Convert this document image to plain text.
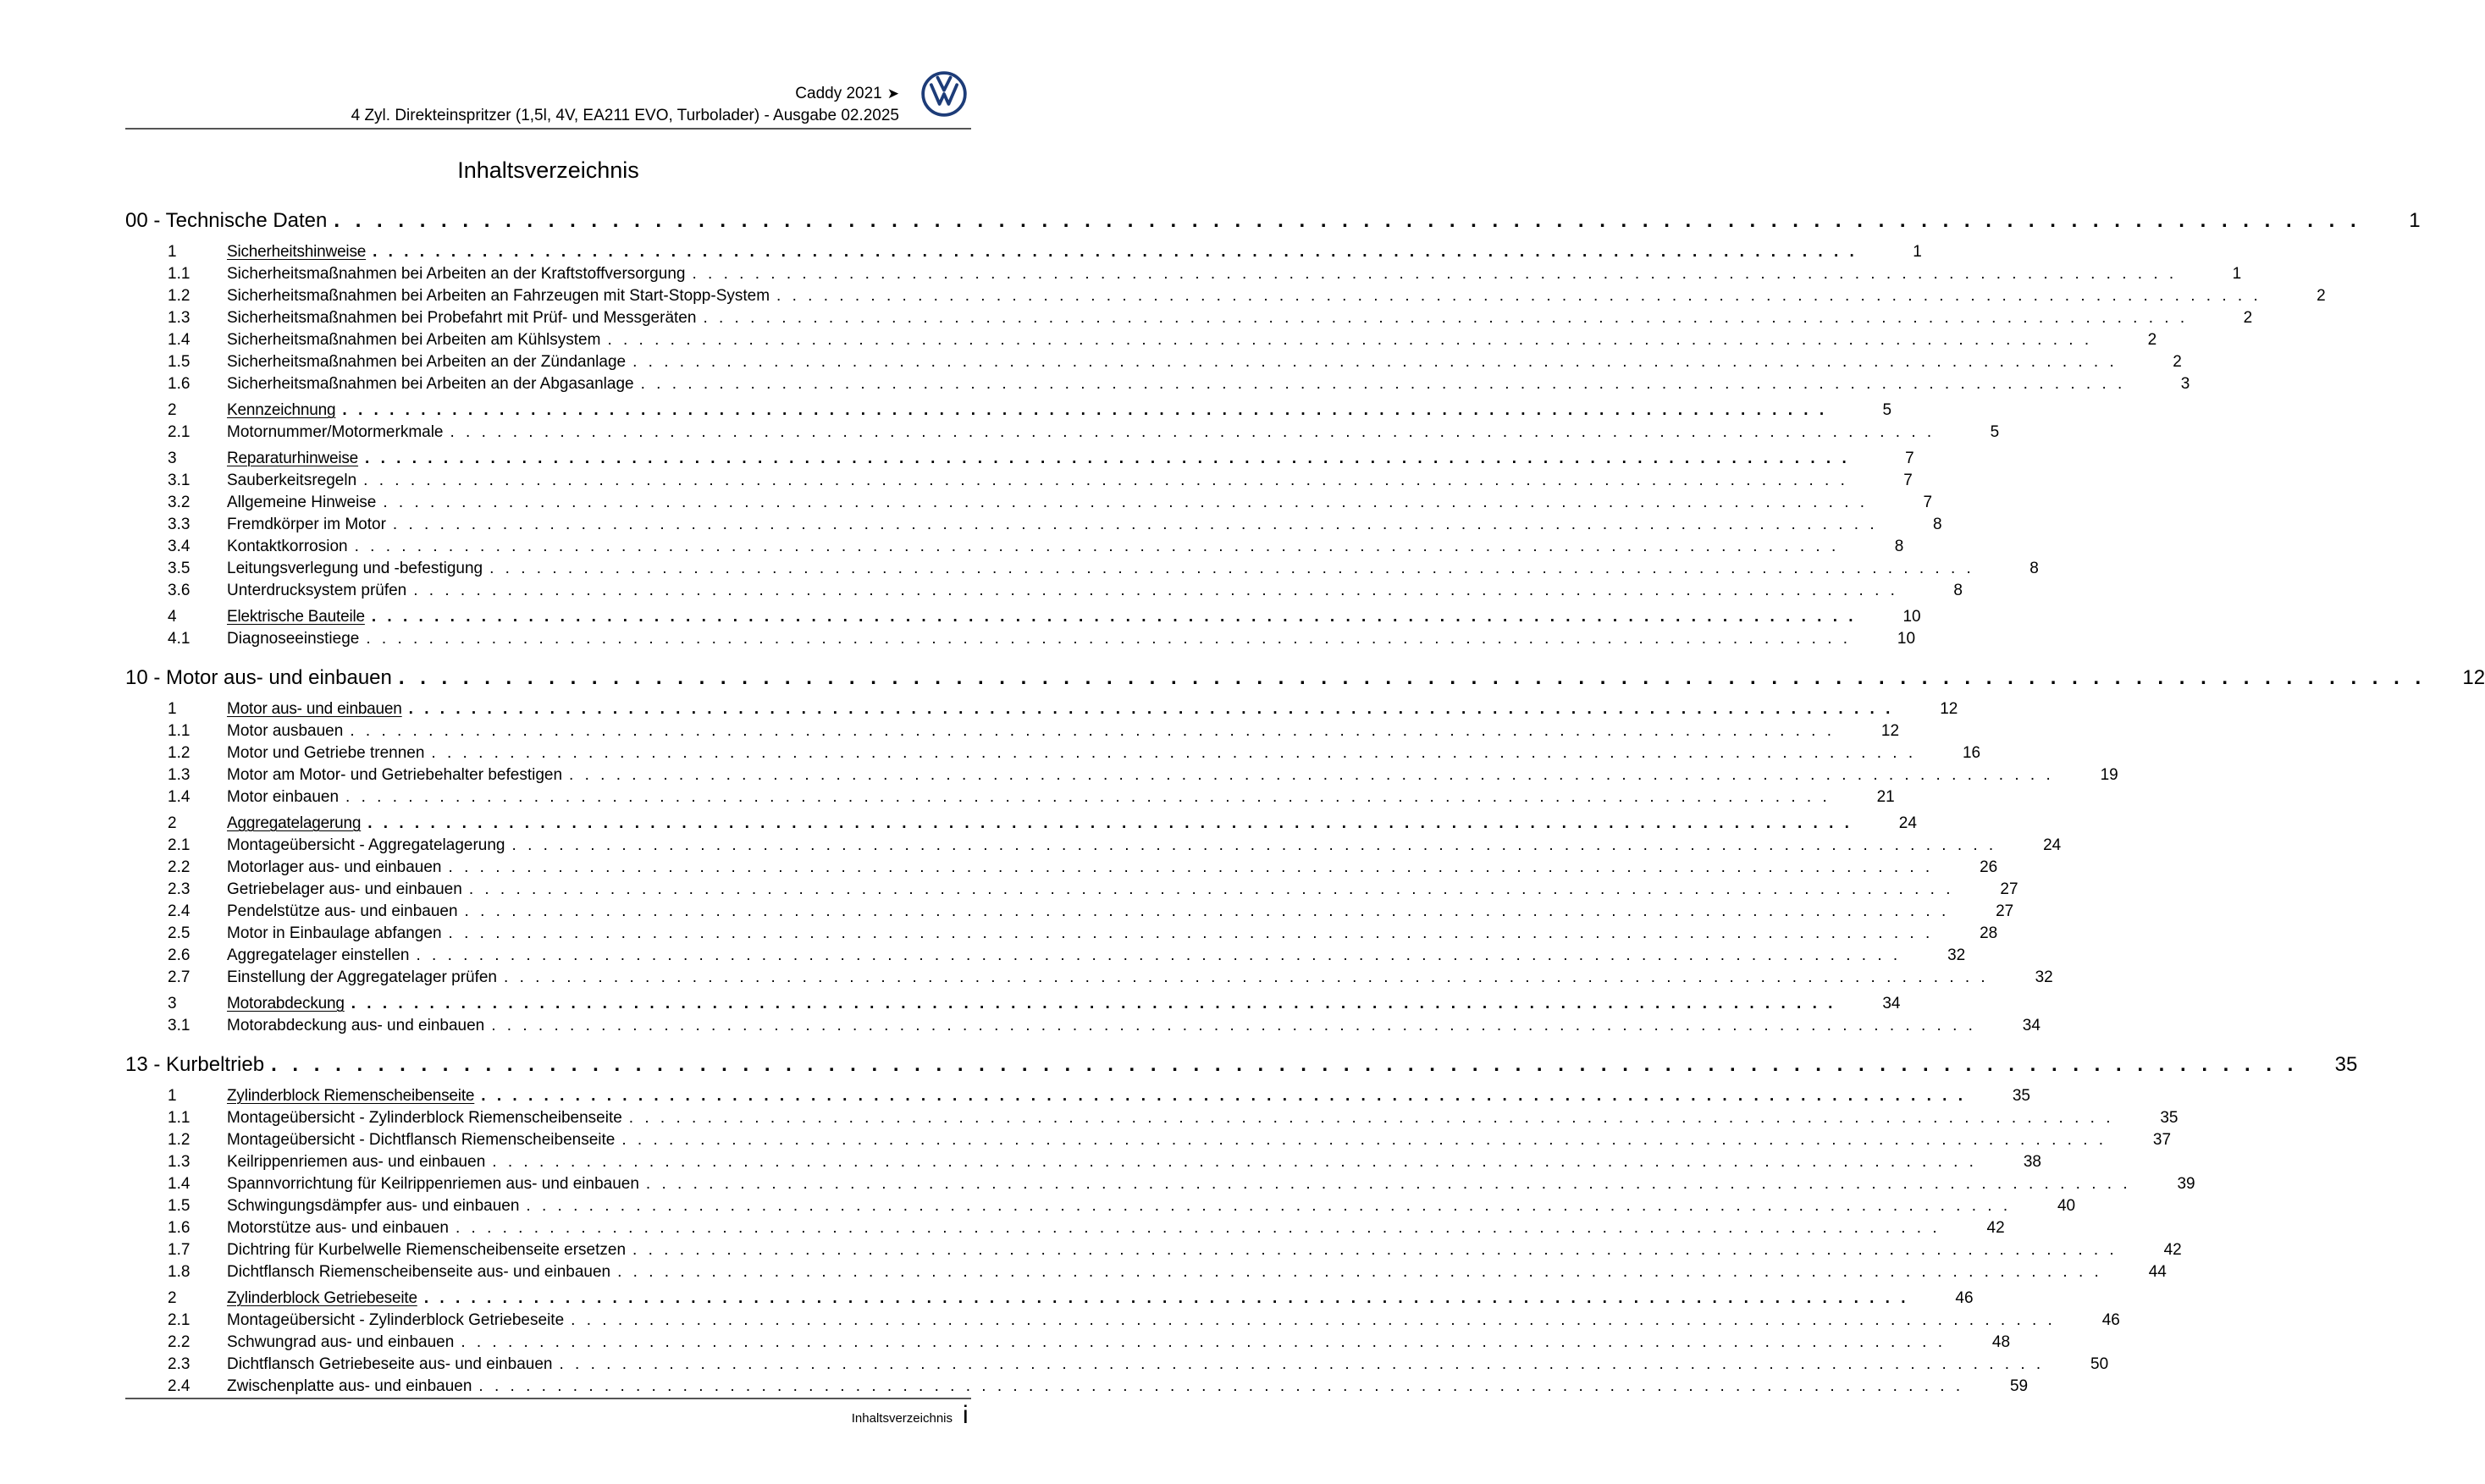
Caddy 2021 ➤
4 Zyl. Direkteinspritzer (1,5l, 4V, EA211 EVO, Turbolader) - Ausgabe 02.2025
Inhaltsverzeichnis
00 - Technische Daten . . . . . . . . . . . . . . . . . . . . . . . . . . . . . . . . . . . . . . . . . . . . . . . . . . . . . . . . . . . . . . . . . . . . . . . . . . . . . . . . . . . . . . . . . . . . . . .	1
1	Sicherheitshinweise . . . . . . . . . . . . . . . . . . . . . . . . . . . . . . . . . . . . . . . . . . . . . . . . . . . . . . . . . . . . . . . . . . . . . . . . . . . . . . . . . . . . . . . . . . . . . . .	1
1.1	Sicherheitsmaßnahmen bei Arbeiten an der Kraftstoffversorgung . . . . . . . . . . . . . . . . . . . . . . . . . . . . . . . . . . . . . . . . . . . . . . . . . . . . . . . . . . . . . . . . . . . . . . . . . . . . . . . . . . . . . . . . . . . . . . .	1
1.2	Sicherheitsmaßnahmen bei Arbeiten an Fahrzeugen mit Start-Stopp-System . . . . . . . . . . . . . . . . . . . . . . . . . . . . . . . . . . . . . . . . . . . . . . . . . . . . . . . . . . . . . . . . . . . . . . . . . . . . . . . . . . . . . . . . . . . . . . .	2
1.3	Sicherheitsmaßnahmen bei Probefahrt mit Prüf- und Messgeräten . . . . . . . . . . . . . . . . . . . . . . . . . . . . . . . . . . . . . . . . . . . . . . . . . . . . . . . . . . . . . . . . . . . . . . . . . . . . . . . . . . . . . . . . . . . . . . .	2
1.4	Sicherheitsmaßnahmen bei Arbeiten am Kühlsystem . . . . . . . . . . . . . . . . . . . . . . . . . . . . . . . . . . . . . . . . . . . . . . . . . . . . . . . . . . . . . . . . . . . . . . . . . . . . . . . . . . . . . . . . . . . . . . .	2
1.5	Sicherheitsmaßnahmen bei Arbeiten an der Zündanlage . . . . . . . . . . . . . . . . . . . . . . . . . . . . . . . . . . . . . . . . . . . . . . . . . . . . . . . . . . . . . . . . . . . . . . . . . . . . . . . . . . . . . . . . . . . . . . .	2
1.6	Sicherheitsmaßnahmen bei Arbeiten an der Abgasanlage . . . . . . . . . . . . . . . . . . . . . . . . . . . . . . . . . . . . . . . . . . . . . . . . . . . . . . . . . . . . . . . . . . . . . . . . . . . . . . . . . . . . . . . . . . . . . . .	3
2	Kennzeichnung . . . . . . . . . . . . . . . . . . . . . . . . . . . . . . . . . . . . . . . . . . . . . . . . . . . . . . . . . . . . . . . . . . . . . . . . . . . . . . . . . . . . . . . . . . . . . . .	5
2.1	Motornummer/Motormerkmale . . . . . . . . . . . . . . . . . . . . . . . . . . . . . . . . . . . . . . . . . . . . . . . . . . . . . . . . . . . . . . . . . . . . . . . . . . . . . . . . . . . . . . . . . . . . . . .	5
3	Reparaturhinweise . . . . . . . . . . . . . . . . . . . . . . . . . . . . . . . . . . . . . . . . . . . . . . . . . . . . . . . . . . . . . . . . . . . . . . . . . . . . . . . . . . . . . . . . . . . . . . .	7
3.1	Sauberkeitsregeln . . . . . . . . . . . . . . . . . . . . . . . . . . . . . . . . . . . . . . . . . . . . . . . . . . . . . . . . . . . . . . . . . . . . . . . . . . . . . . . . . . . . . . . . . . . . . . .	7
3.2	Allgemeine Hinweise . . . . . . . . . . . . . . . . . . . . . . . . . . . . . . . . . . . . . . . . . . . . . . . . . . . . . . . . . . . . . . . . . . . . . . . . . . . . . . . . . . . . . . . . . . . . . . .	7
3.3	Fremdkörper im Motor . . . . . . . . . . . . . . . . . . . . . . . . . . . . . . . . . . . . . . . . . . . . . . . . . . . . . . . . . . . . . . . . . . . . . . . . . . . . . . . . . . . . . . . . . . . . . . .	8
3.4	Kontaktkorrosion . . . . . . . . . . . . . . . . . . . . . . . . . . . . . . . . . . . . . . . . . . . . . . . . . . . . . . . . . . . . . . . . . . . . . . . . . . . . . . . . . . . . . . . . . . . . . . .	8
3.5	Leitungsverlegung und -befestigung . . . . . . . . . . . . . . . . . . . . . . . . . . . . . . . . . . . . . . . . . . . . . . . . . . . . . . . . . . . . . . . . . . . . . . . . . . . . . . . . . . . . . . . . . . . . . . .	8
3.6	Unterdrucksystem prüfen . . . . . . . . . . . . . . . . . . . . . . . . . . . . . . . . . . . . . . . . . . . . . . . . . . . . . . . . . . . . . . . . . . . . . . . . . . . . . . . . . . . . . . . . . . . . . . .	8
4	Elektrische Bauteile . . . . . . . . . . . . . . . . . . . . . . . . . . . . . . . . . . . . . . . . . . . . . . . . . . . . . . . . . . . . . . . . . . . . . . . . . . . . . . . . . . . . . . . . . . . . . . .	10
4.1	Diagnoseeinstiege . . . . . . . . . . . . . . . . . . . . . . . . . . . . . . . . . . . . . . . . . . . . . . . . . . . . . . . . . . . . . . . . . . . . . . . . . . . . . . . . . . . . . . . . . . . . . . .	10
10 - Motor aus- und einbauen . . . . . . . . . . . . . . . . . . . . . . . . . . . . . . . . . . . . . . . . . . . . . . . . . . . . . . . . . . . . . . . . . . . . . . . . . . . . . . . . . . . . . . . . . . . . . . .	12
1	Motor aus- und einbauen . . . . . . . . . . . . . . . . . . . . . . . . . . . . . . . . . . . . . . . . . . . . . . . . . . . . . . . . . . . . . . . . . . . . . . . . . . . . . . . . . . . . . . . . . . . . . . .	12
1.1	Motor ausbauen . . . . . . . . . . . . . . . . . . . . . . . . . . . . . . . . . . . . . . . . . . . . . . . . . . . . . . . . . . . . . . . . . . . . . . . . . . . . . . . . . . . . . . . . . . . . . . .	12
1.2	Motor und Getriebe trennen . . . . . . . . . . . . . . . . . . . . . . . . . . . . . . . . . . . . . . . . . . . . . . . . . . . . . . . . . . . . . . . . . . . . . . . . . . . . . . . . . . . . . . . . . . . . . . .	16
1.3	Motor am Motor- und Getriebehalter befestigen . . . . . . . . . . . . . . . . . . . . . . . . . . . . . . . . . . . . . . . . . . . . . . . . . . . . . . . . . . . . . . . . . . . . . . . . . . . . . . . . . . . . . . . . . . . . . . .	19
1.4	Motor einbauen . . . . . . . . . . . . . . . . . . . . . . . . . . . . . . . . . . . . . . . . . . . . . . . . . . . . . . . . . . . . . . . . . . . . . . . . . . . . . . . . . . . . . . . . . . . . . . .	21
2	Aggregatelagerung . . . . . . . . . . . . . . . . . . . . . . . . . . . . . . . . . . . . . . . . . . . . . . . . . . . . . . . . . . . . . . . . . . . . . . . . . . . . . . . . . . . . . . . . . . . . . . .	24
2.1	Montageübersicht - Aggregatelagerung . . . . . . . . . . . . . . . . . . . . . . . . . . . . . . . . . . . . . . . . . . . . . . . . . . . . . . . . . . . . . . . . . . . . . . . . . . . . . . . . . . . . . . . . . . . . . . .	24
2.2	Motorlager aus- und einbauen . . . . . . . . . . . . . . . . . . . . . . . . . . . . . . . . . . . . . . . . . . . . . . . . . . . . . . . . . . . . . . . . . . . . . . . . . . . . . . . . . . . . . . . . . . . . . . .	26
2.3	Getriebelager aus- und einbauen . . . . . . . . . . . . . . . . . . . . . . . . . . . . . . . . . . . . . . . . . . . . . . . . . . . . . . . . . . . . . . . . . . . . . . . . . . . . . . . . . . . . . . . . . . . . . . .	27
2.4	Pendelstütze aus- und einbauen . . . . . . . . . . . . . . . . . . . . . . . . . . . . . . . . . . . . . . . . . . . . . . . . . . . . . . . . . . . . . . . . . . . . . . . . . . . . . . . . . . . . . . . . . . . . . . .	27
2.5	Motor in Einbaulage abfangen . . . . . . . . . . . . . . . . . . . . . . . . . . . . . . . . . . . . . . . . . . . . . . . . . . . . . . . . . . . . . . . . . . . . . . . . . . . . . . . . . . . . . . . . . . . . . . .	28
2.6	Aggregatelager einstellen . . . . . . . . . . . . . . . . . . . . . . . . . . . . . . . . . . . . . . . . . . . . . . . . . . . . . . . . . . . . . . . . . . . . . . . . . . . . . . . . . . . . . . . . . . . . . . .	32
2.7	Einstellung der Aggregatelager prüfen . . . . . . . . . . . . . . . . . . . . . . . . . . . . . . . . . . . . . . . . . . . . . . . . . . . . . . . . . . . . . . . . . . . . . . . . . . . . . . . . . . . . . . . . . . . . . . .	32
3	Motorabdeckung . . . . . . . . . . . . . . . . . . . . . . . . . . . . . . . . . . . . . . . . . . . . . . . . . . . . . . . . . . . . . . . . . . . . . . . . . . . . . . . . . . . . . . . . . . . . . . .	34
3.1	Motorabdeckung aus- und einbauen . . . . . . . . . . . . . . . . . . . . . . . . . . . . . . . . . . . . . . . . . . . . . . . . . . . . . . . . . . . . . . . . . . . . . . . . . . . . . . . . . . . . . . . . . . . . . . .	34
13 - Kurbeltrieb . . . . . . . . . . . . . . . . . . . . . . . . . . . . . . . . . . . . . . . . . . . . . . . . . . . . . . . . . . . . . . . . . . . . . . . . . . . . . . . . . . . . . . . . . . . . . . .	35
1	Zylinderblock Riemenscheibenseite . . . . . . . . . . . . . . . . . . . . . . . . . . . . . . . . . . . . . . . . . . . . . . . . . . . . . . . . . . . . . . . . . . . . . . . . . . . . . . . . . . . . . . . . . . . . . . .	35
1.1	Montageübersicht - Zylinderblock Riemenscheibenseite . . . . . . . . . . . . . . . . . . . . . . . . . . . . . . . . . . . . . . . . . . . . . . . . . . . . . . . . . . . . . . . . . . . . . . . . . . . . . . . . . . . . . . . . . . . . . . .	35
1.2	Montageübersicht - Dichtflansch Riemenscheibenseite . . . . . . . . . . . . . . . . . . . . . . . . . . . . . . . . . . . . . . . . . . . . . . . . . . . . . . . . . . . . . . . . . . . . . . . . . . . . . . . . . . . . . . . . . . . . . . .	37
1.3	Keilrippenriemen aus- und einbauen . . . . . . . . . . . . . . . . . . . . . . . . . . . . . . . . . . . . . . . . . . . . . . . . . . . . . . . . . . . . . . . . . . . . . . . . . . . . . . . . . . . . . . . . . . . . . . .	38
1.4	Spannvorrichtung für Keilrippenriemen aus- und einbauen . . . . . . . . . . . . . . . . . . . . . . . . . . . . . . . . . . . . . . . . . . . . . . . . . . . . . . . . . . . . . . . . . . . . . . . . . . . . . . . . . . . . . . . . . . . . . . .	39
1.5	Schwingungsdämpfer aus- und einbauen . . . . . . . . . . . . . . . . . . . . . . . . . . . . . . . . . . . . . . . . . . . . . . . . . . . . . . . . . . . . . . . . . . . . . . . . . . . . . . . . . . . . . . . . . . . . . . .	40
1.6	Motorstütze aus- und einbauen . . . . . . . . . . . . . . . . . . . . . . . . . . . . . . . . . . . . . . . . . . . . . . . . . . . . . . . . . . . . . . . . . . . . . . . . . . . . . . . . . . . . . . . . . . . . . . .	42
1.7	Dichtring für Kurbelwelle Riemenscheibenseite ersetzen . . . . . . . . . . . . . . . . . . . . . . . . . . . . . . . . . . . . . . . . . . . . . . . . . . . . . . . . . . . . . . . . . . . . . . . . . . . . . . . . . . . . . . . . . . . . . . .	42
1.8	Dichtflansch Riemenscheibenseite aus- und einbauen . . . . . . . . . . . . . . . . . . . . . . . . . . . . . . . . . . . . . . . . . . . . . . . . . . . . . . . . . . . . . . . . . . . . . . . . . . . . . . . . . . . . . . . . . . . . . . .	44
2	Zylinderblock Getriebeseite . . . . . . . . . . . . . . . . . . . . . . . . . . . . . . . . . . . . . . . . . . . . . . . . . . . . . . . . . . . . . . . . . . . . . . . . . . . . . . . . . . . . . . . . . . . . . . .	46
2.1	Montageübersicht - Zylinderblock Getriebeseite . . . . . . . . . . . . . . . . . . . . . . . . . . . . . . . . . . . . . . . . . . . . . . . . . . . . . . . . . . . . . . . . . . . . . . . . . . . . . . . . . . . . . . . . . . . . . . .	46
2.2	Schwungrad aus- und einbauen . . . . . . . . . . . . . . . . . . . . . . . . . . . . . . . . . . . . . . . . . . . . . . . . . . . . . . . . . . . . . . . . . . . . . . . . . . . . . . . . . . . . . . . . . . . . . . .	48
2.3	Dichtflansch Getriebeseite aus- und einbauen . . . . . . . . . . . . . . . . . . . . . . . . . . . . . . . . . . . . . . . . . . . . . . . . . . . . . . . . . . . . . . . . . . . . . . . . . . . . . . . . . . . . . . . . . . . . . . .	50
2.4	Zwischenplatte aus- und einbauen . . . . . . . . . . . . . . . . . . . . . . . . . . . . . . . . . . . . . . . . . . . . . . . . . . . . . . . . . . . . . . . . . . . . . . . . . . . . . . . . . . . . . . . . . . . . . . .	59
Inhaltsverzeichnis i
